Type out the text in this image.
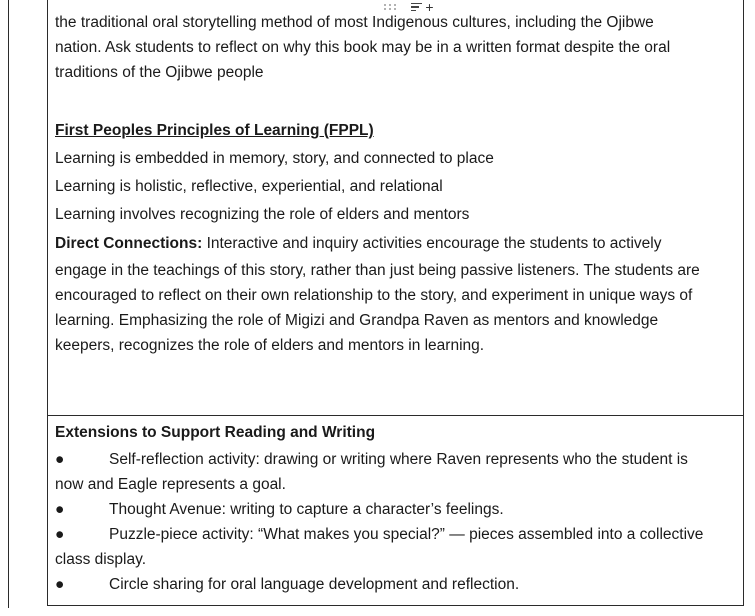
+

the traditional oral storytelling method of most Indigenous cultures, including the Ojibwe

nation. Ask students to reflect on why this book may be in a written format despite the oral

traditions of the Ojibwe people

First Peoples Principles of Learning (FPPL)

Learning is embedded in memory, story, and connected to place

Learning is holistic, reflective, experiential, and relational

Learning involves recognizing the role of elders and mentors

Direct Connections: Interactive and inquiry activities encourage the students to actively

engage in the teachings of this story, rather than just being passive listeners. The students are

encouraged to reflect on their own relationship to the story, and experiment in unique ways of

learning. Emphasizing the role of Migizi and Grandpa Raven as mentors and knowledge

keepers, recognizes the role of elders and mentors in learning.

Extensions to Support Reading and Writing

●	Self-reflection activity: drawing or writing where Raven represents who the student is

now and Eagle represents a goal.

●	Thought Avenue: writing to capture a character’s feelings.
●	Puzzle-piece activity: “What makes you special?” — pieces assembled into a collective

class display.

●	Circle sharing for oral language development and reflection.
